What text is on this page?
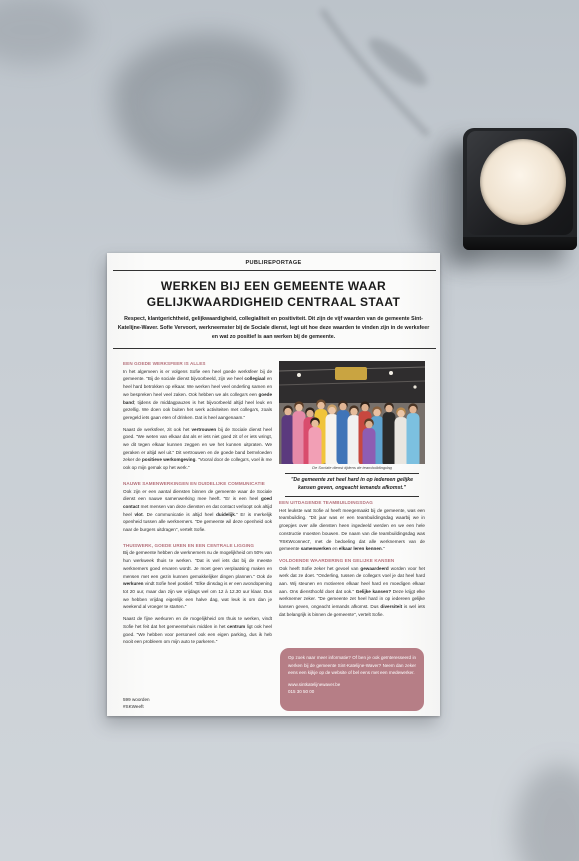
PUBLIREPORTAGE
WERKEN BIJ EEN GEMEENTE WAAR
GELIJKWAARDIGHEID CENTRAAL STAAT

Respect, klantgerichtheid, gelijkwaardigheid, collegialiteit en positiviteit. Dit zijn de vijf waarden van de gemeente Sint-Katelijne-Waver. Sofie Vervoort, werkneemster bij de Sociale dienst, legt uit hoe deze waarden te vinden zijn in de werksfeer en wat zo positief is aan werken bij de gemeente.

EEN GOEDE WERKSFEER IS ALLES

In het algemeen is er volgens Sofie een heel goede werksfeer bij de gemeente. "Bij de sociale dienst bijvoorbeeld, zijn we heel collegiaal en heel hard betrokken op elkaar. We werken heel veel onderling samen en we bespreken heel veel zaken. Ook hebben we als collega's een goede band; tijdens de middagpauzes is het bijvoorbeeld altijd heel leuk en gezellig. We doen ook buiten het werk activiteiten met collega's, zoals geregeld iets gaan eten of drinken. Dat is heel aangenaam."

Naast de werksfeer, zit ook het vertrouwen bij de Sociale dienst heel goed. "We weten van elkaar dat als er iets niet goed zit of er iets wringt, we dit tegen elkaar kunnen zeggen en we het kunnen uitpraten. We geraken er altijd wel uit." Dit vertrouwen en de goede band beïnvloeden zeker de positieve werkomgeving. "Vooral door de collega's, voel ik me ook op mijn gemak op het werk."

NAUWE SAMENWERKINGEN EN DUIDELIJKE COMMUNICATIE

Ook zijn er een aantal diensten binnen de gemeente waar de Sociale dienst een nauwe samenwerking mee heeft. "Er is een heel goed contact met mensen van deze diensten en dat contact verloopt ook altijd heel vlot. De communicatie is altijd heel duidelijk." Er is merkelijk openheid tussen alle werknemers. "De gemeente wil deze openheid ook naar de burgers uitdragen", vertelt Sofie.

THUISWERK, GOEDE UREN EN EEN CENTRALE LIGGING

Bij de gemeente hebben de werknemers nu de mogelijkheid om 50% van hun werkweek thuis te werken. "Dat is wel iets dat bij de meeste werknemers goed ervaren wordt. Je moet geen verplaatsing maken en mensen met een gezin kunnen gemakkelijker dingen plannen." Ook de werkuren vindt Sofie heel positief. "Elke dinsdag is er een avondopening tot 20 uur, maar dan zijn we vrijdags wel om 12 à 12.30 uur klaar. Dus we hebben vrijdag eigenlijk een halve dag, wat leuk is om dan je weekend al vroeger te starten."

Naast de fijne werkuren en de mogelijkheid om thuis te werken, vindt Sofie het feit dat het gemeentehuis midden in het centrum ligt ook heel goed. "We hebben voor personeel ook een eigen parking, dus ik heb nooit een probleem om mijn auto te parkeren."

599 woorden
#SKWeeft
De Sociale dienst tijdens de teambuildingdag

"De gemeente zet heel hard in op iedereen gelijke kansen geven, ongeacht iemands afkomst."

EEN UITDAGENDE TEAMBUILDINGSDAG

Het leukste wat Sofie al heeft meegemaakt bij de gemeente, was een teambuilding. "Dit jaar was er een teambuildingsdag waarbij we in groepjes over alle diensten heen ingedeeld werden en we een hele constructie moesten bouwen. De naam van die teambuildingsdag was '#SKWconnect', met de bedoeling dat alle werknemers van de gemeente samenwerken en elkaar leren kennen."

VOLDOENDE WAARDERING EN GELIJKE KANSEN

Ook heeft Sofie zeker het gevoel van gewaardeerd worden voor het werk dat ze doet. "Onderling, tussen de collega's voel je dat heel hard aan. Wij steunen en motiveren elkaar heel hard en moedigen elkaar aan. Ons diensthoofd doet dat ook." Gelijke kansen? Deze krijgt elke werknemer zeker. "De gemeente zet heel hard in op iedereen gelijke kansen geven, ongeacht iemands afkomst. Dus diversiteit is wel iets dat belangrijk is binnen de gemeente", vertelt Sofie.

Op zoek naar meer informatie? Of ben je ook geïnteresseerd in werken bij de gemeente Sint-Katelijne-Waver? Neem dan zeker eens een kijkje op de website of bel eens met een medewerker.

www.sintkatelijnewaver.be
015 30 50 00
